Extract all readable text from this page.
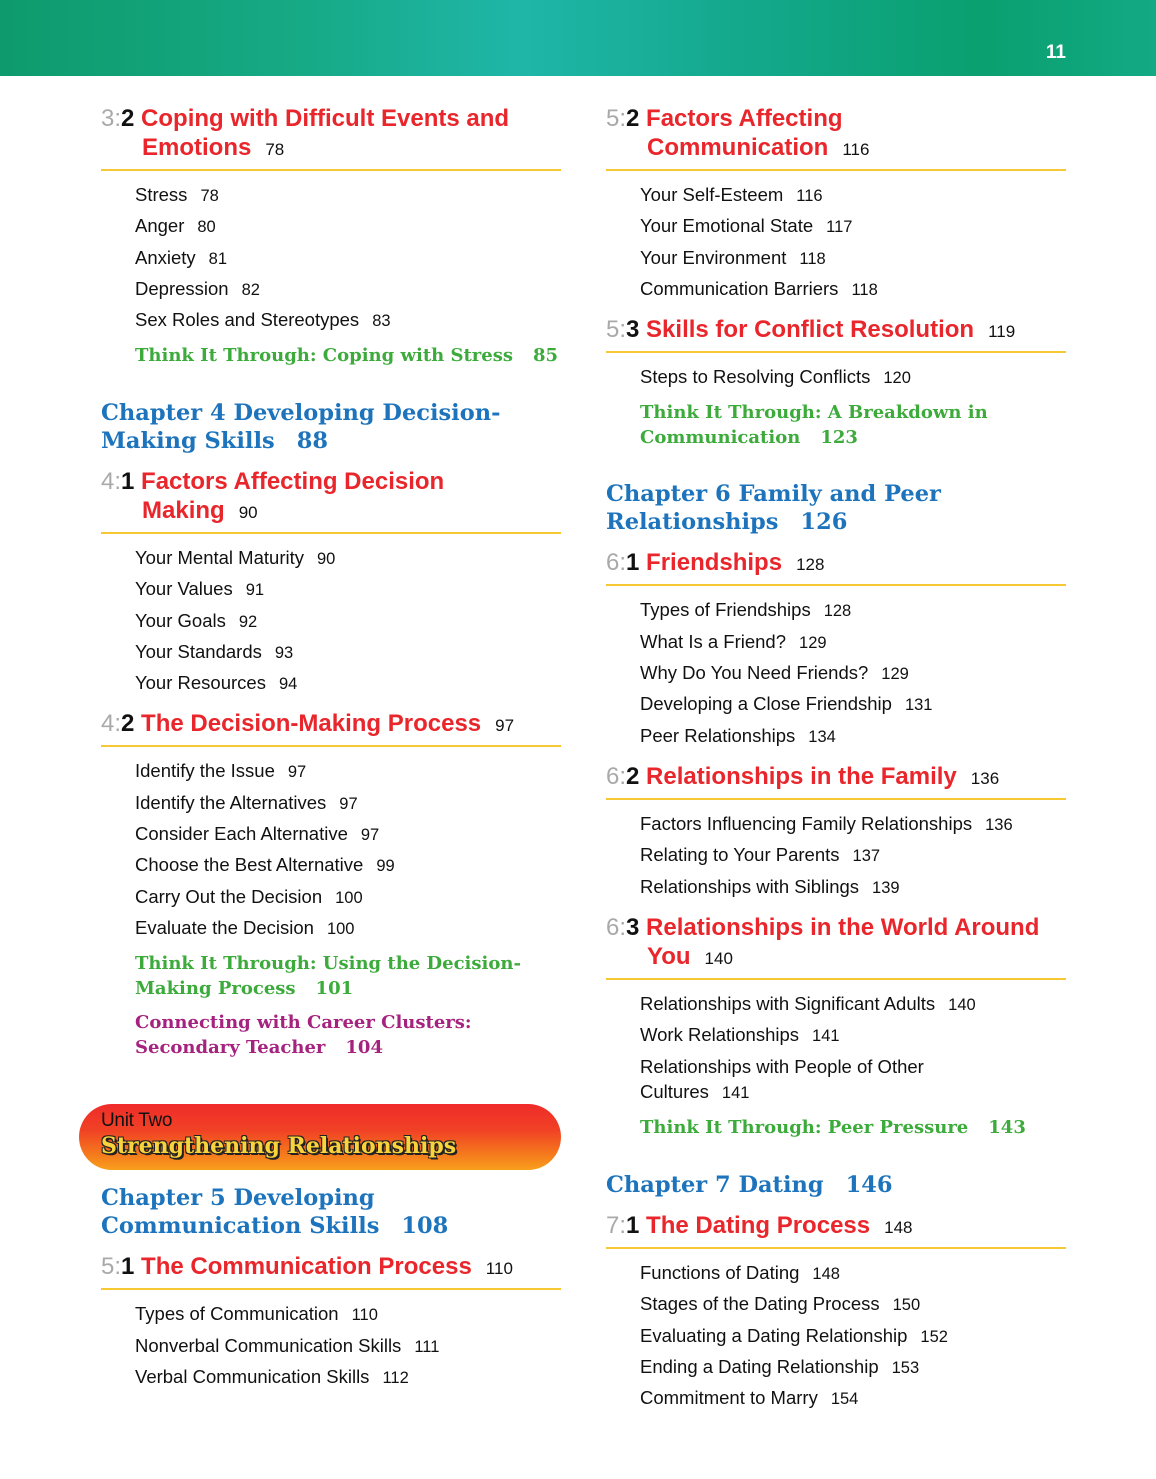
11
3:2 Coping with Difficult Events and Emotions 78
Stress 78
Anger 80
Anxiety 81
Depression 82
Sex Roles and Stereotypes 83
Think It Through: Coping with Stress 85
Chapter 4 Developing Decision-Making Skills 88
4:1 Factors Affecting Decision Making 90
Your Mental Maturity 90
Your Values 91
Your Goals 92
Your Standards 93
Your Resources 94
4:2 The Decision-Making Process 97
Identify the Issue 97
Identify the Alternatives 97
Consider Each Alternative 97
Choose the Best Alternative 99
Carry Out the Decision 100
Evaluate the Decision 100
Think It Through: Using the Decision-Making Process 101
Connecting with Career Clusters: Secondary Teacher 104
Unit Two
Strengthening Relationships
Chapter 5 Developing Communication Skills 108
5:1 The Communication Process 110
Types of Communication 110
Nonverbal Communication Skills 111
Verbal Communication Skills 112
5:2 Factors Affecting Communication 116
Your Self-Esteem 116
Your Emotional State 117
Your Environment 118
Communication Barriers 118
5:3 Skills for Conflict Resolution 119
Steps to Resolving Conflicts 120
Think It Through: A Breakdown in Communication 123
Chapter 6 Family and Peer Relationships 126
6:1 Friendships 128
Types of Friendships 128
What Is a Friend? 129
Why Do You Need Friends? 129
Developing a Close Friendship 131
Peer Relationships 134
6:2 Relationships in the Family 136
Factors Influencing Family Relationships 136
Relating to Your Parents 137
Relationships with Siblings 139
6:3 Relationships in the World Around You 140
Relationships with Significant Adults 140
Work Relationships 141
Relationships with People of Other Cultures 141
Think It Through: Peer Pressure 143
Chapter 7 Dating 146
7:1 The Dating Process 148
Functions of Dating 148
Stages of the Dating Process 150
Evaluating a Dating Relationship 152
Ending a Dating Relationship 153
Commitment to Marry 154
